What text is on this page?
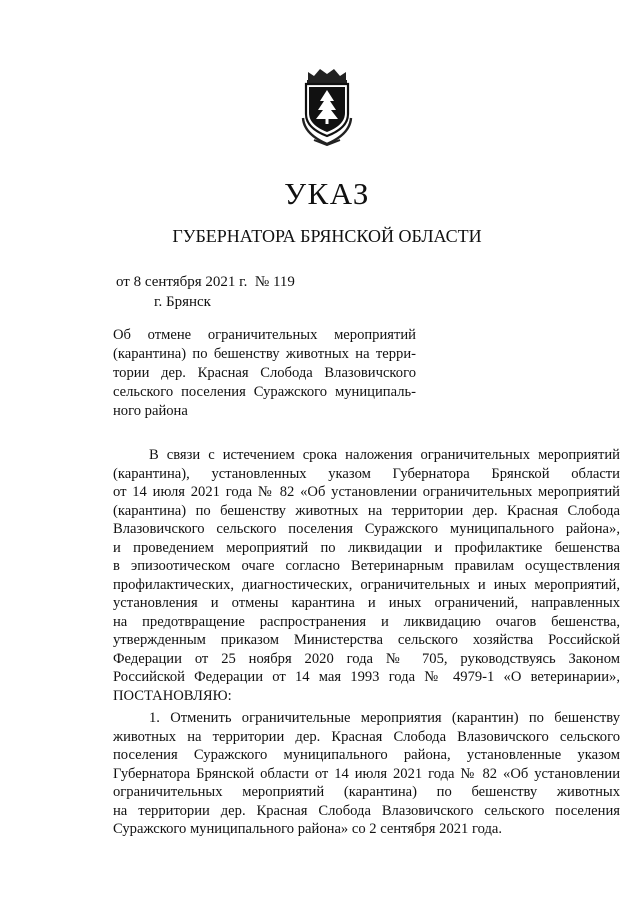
УКАЗ
ГУБЕРНАТОРА БРЯНСКОЙ ОБЛАСТИ
от 8 сентября 2021 г.  № 119
г. Брянск
Об отмене ограничительных мероприятий
(карантина) по бешенству животных на терри-
тории дер. Красная Слобода Влазовичского
сельского поселения Суражского муниципаль-
ного района
В связи с истечением срока наложения ограничительных мероприятий
(карантина), установленных указом Губернатора Брянской области
от 14 июля 2021 года № 82 «Об установлении ограничительных мероприятий
(карантина) по бешенству животных на территории дер. Красная Слобода
Влазовичского сельского поселения Суражского муниципального района»,
и проведением мероприятий по ликвидации и профилактике бешенства
в эпизоотическом очаге согласно Ветеринарным правилам осуществления
профилактических, диагностических, ограничительных и иных мероприятий,
установления и отмены карантина и иных ограничений, направленных
на предотвращение распространения и ликвидацию очагов бешенства,
утвержденным приказом Министерства сельского хозяйства Российской
Федерации от 25 ноября 2020 года № 705, руководствуясь Законом
Российской Федерации от 14 мая 1993 года № 4979-1 «О ветеринарии»,
ПОСТАНОВЛЯЮ:
1. Отменить ограничительные мероприятия (карантин) по бешенству
животных на территории дер. Красная Слобода Влазовичского сельского
поселения Суражского муниципального района, установленные указом
Губернатора Брянской области от 14 июля 2021 года № 82 «Об установлении
ограничительных мероприятий (карантина) по бешенству животных
на территории дер. Красная Слобода Влазовичского сельского поселения
Суражского муниципального района» со 2 сентября 2021 года.
